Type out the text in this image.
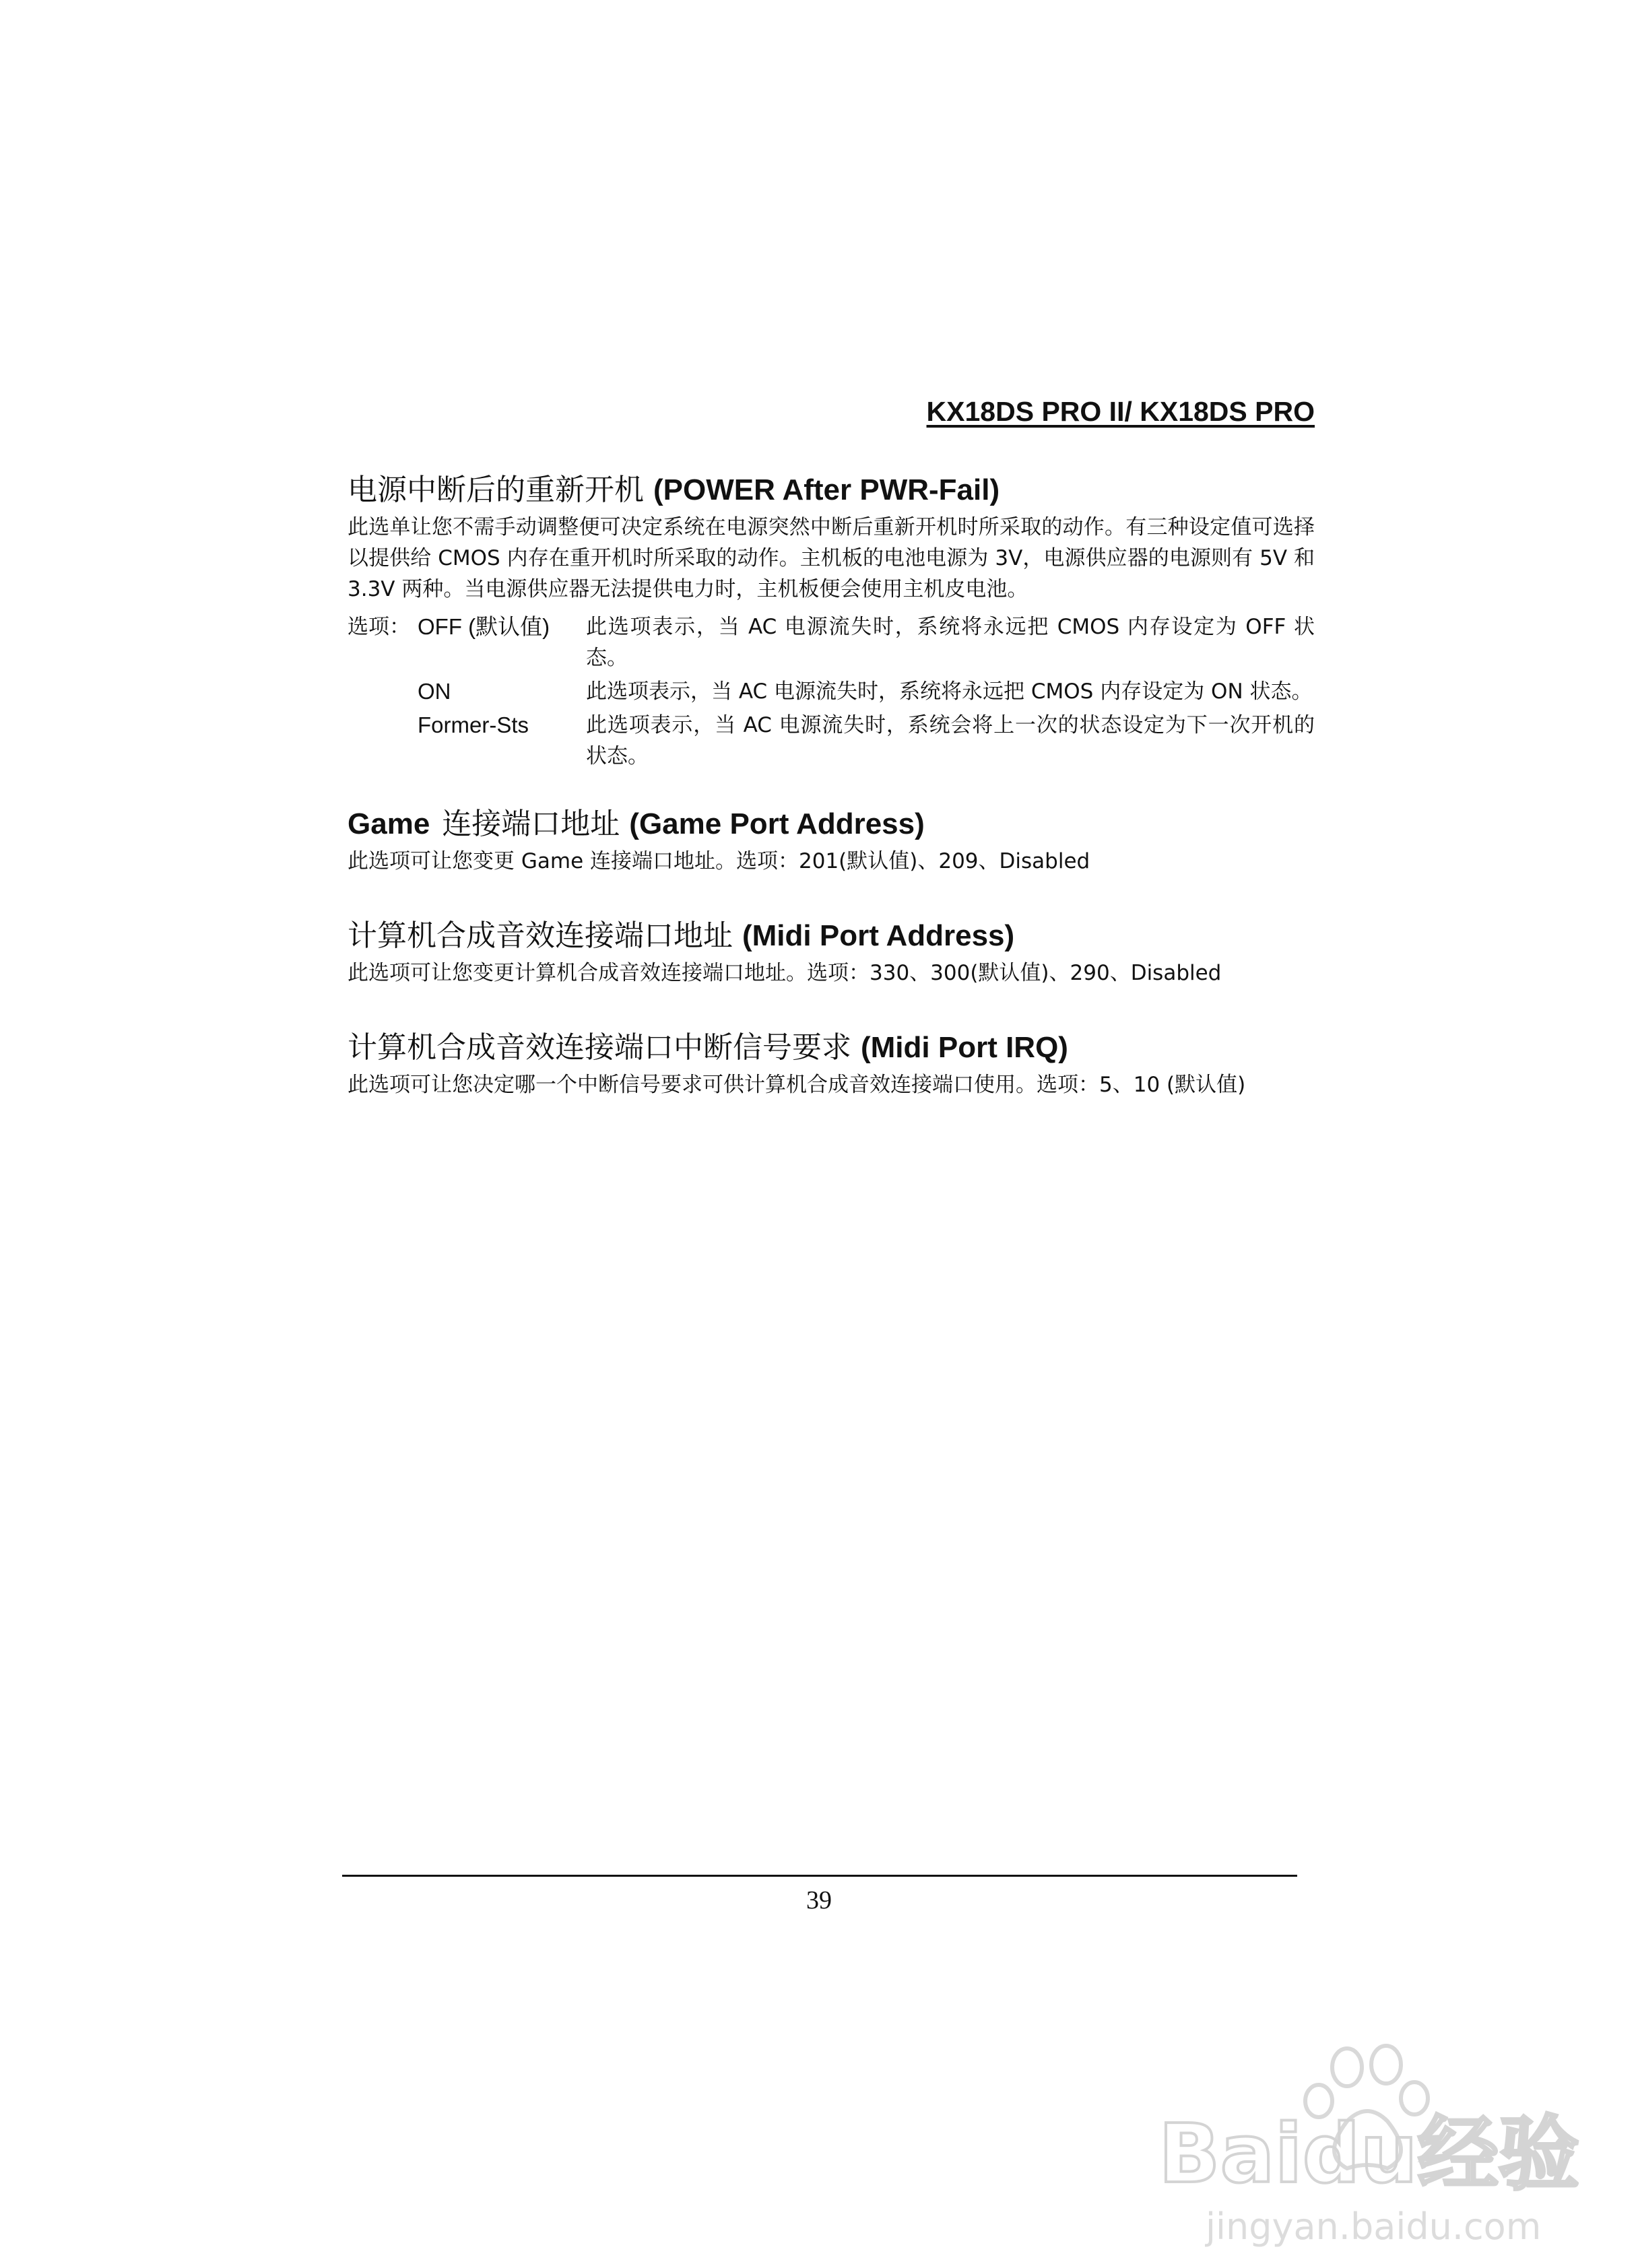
KX18DS PRO II/ KX18DS PRO
电源中断后的重新开机 (POWER After PWR-Fail)

此选单让您不需手动调整便可决定系统在电源突然中断后重新开机时所采取的动作。有三种设定值可选择以提供给 CMOS 内存在重开机时所采取的动作。主机板的电池电源为 3V，电源供应器的电源则有 5V 和 3.3V 两种。当电源供应器无法提供电力时，主机板便会使用主机皮电池。

选项： OFF (默认值)	此选项表示，当 AC 电源流失时，系统将永远把 CMOS 内存设定为 OFF 状态。
ON	此选项表示，当 AC 电源流失时，系统将永远把 CMOS 内存设定为 ON 状态。
Former-Sts	此选项表示，当 AC 电源流失时，系统会将上一次的状态设定为下一次开机的状态。
Game 连接端口地址 (Game Port Address)

此选项可让您变更 Game 连接端口地址。选项：201(默认值)、209、Disabled

计算机合成音效连接端口地址 (Midi Port Address)

此选项可让您变更计算机合成音效连接端口地址。选项：330、300(默认值)、290、Disabled

计算机合成音效连接端口中断信号要求 (Midi Port IRQ)

此选项可让您决定哪一个中断信号要求可供计算机合成音效连接端口使用。选项：5、10 (默认值)

39
Baidu经验
jingyan.baidu.com
